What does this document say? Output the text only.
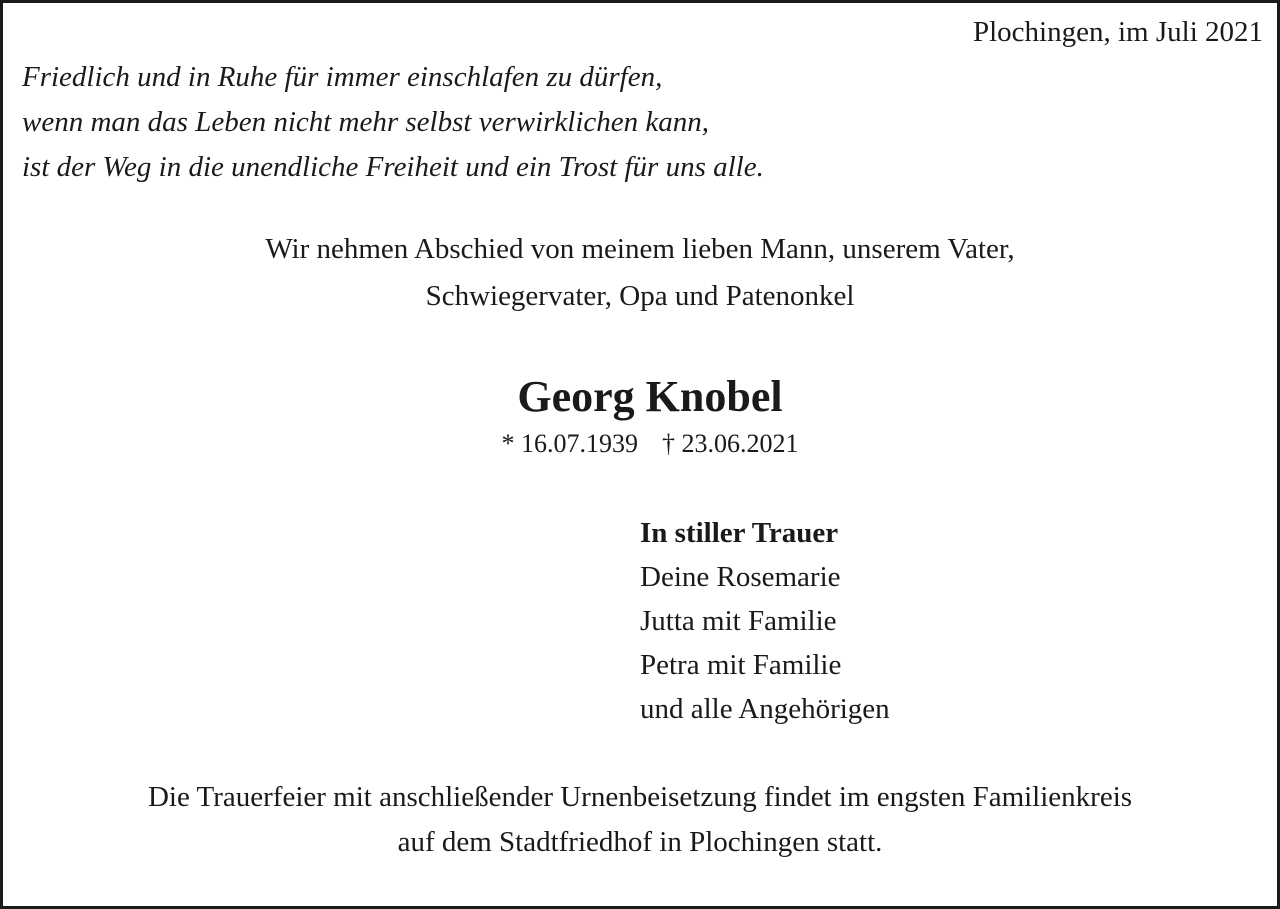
Plochingen, im Juli 2021
Friedlich und in Ruhe für immer einschlafen zu dürfen,
wenn man das Leben nicht mehr selbst verwirklichen kann,
ist der Weg in die unendliche Freiheit und ein Trost für uns alle.
Wir nehmen Abschied von meinem lieben Mann, unserem Vater,
Schwiegervater, Opa und Patenonkel
Georg Knobel
* 16.07.1939 † 23.06.2021
In stiller Trauer
Deine Rosemarie
Jutta mit Familie
Petra mit Familie
und alle Angehörigen
Die Trauerfeier mit anschließender Urnenbeisetzung findet im engsten Familienkreis
auf dem Stadtfriedhof in Plochingen statt.
